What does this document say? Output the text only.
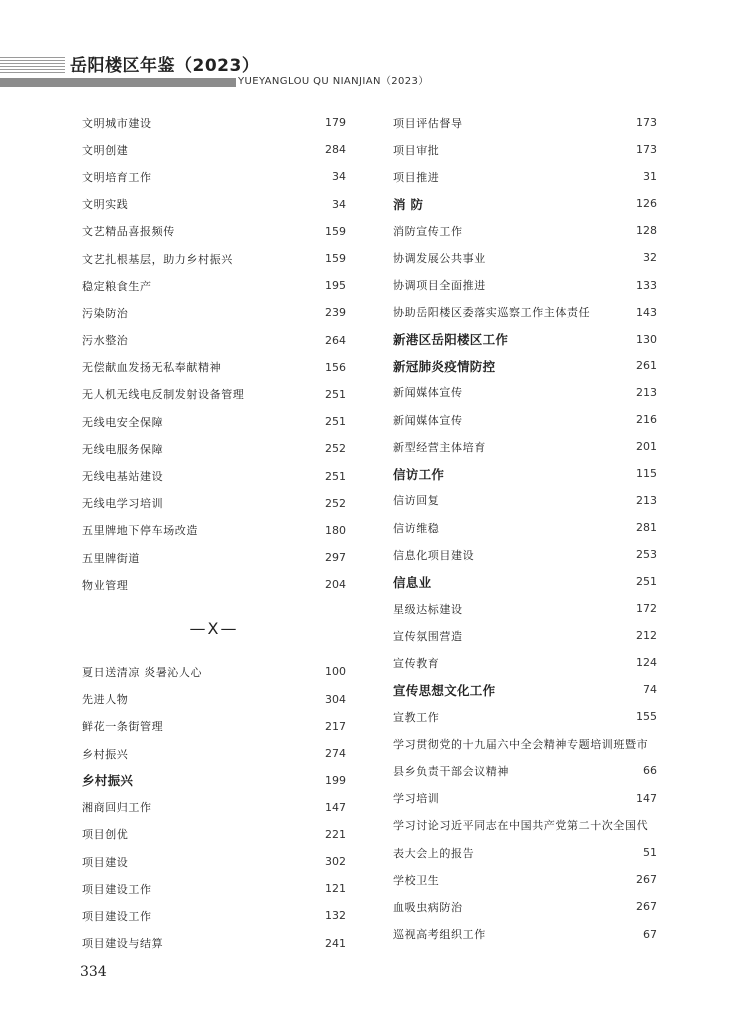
岳阳楼区年鉴（2023）
YUEYANGLOU QU NIANJIAN（2023）
文明城市建设	179
文明创建	284
文明培育工作	34
文明实践	34
文艺精品喜报频传	159
文艺扎根基层，助力乡村振兴	159
稳定粮食生产	195
污染防治	239
污水整治	264
无偿献血发扬无私奉献精神	156
无人机无线电反制发射设备管理	251
无线电安全保障	251
无线电服务保障	252
无线电基站建设	251
无线电学习培训	252
五里牌地下停车场改造	180
五里牌街道	297
物业管理	204
—X—
夏日送清凉 炎暑沁人心	100
先进人物	304
鲜花一条街管理	217
乡村振兴	274
乡村振兴	199
湘商回归工作	147
项目创优	221
项目建设	302
项目建设工作	121
项目建设工作	132
项目建设与结算	241
项目评估督导	173
项目审批	173
项目推进	31
消 防	126
消防宣传工作	128
协调发展公共事业	32
协调项目全面推进	133
协助岳阳楼区委落实巡察工作主体责任	143
新港区岳阳楼区工作	130
新冠肺炎疫情防控	261
新闻媒体宣传	213
新闻媒体宣传	216
新型经营主体培育	201
信访工作	115
信访回复	213
信访维稳	281
信息化项目建设	253
信息业	251
星级达标建设	172
宣传氛围营造	212
宣传教育	124
宣传思想文化工作	74
宣教工作	155
学习贯彻党的十九届六中全会精神专题培训班暨市
县乡负责干部会议精神	66
学习培训	147
学习讨论习近平同志在中国共产党第二十次全国代
表大会上的报告	51
学校卫生	267
血吸虫病防治	267
巡视高考组织工作	67
334
